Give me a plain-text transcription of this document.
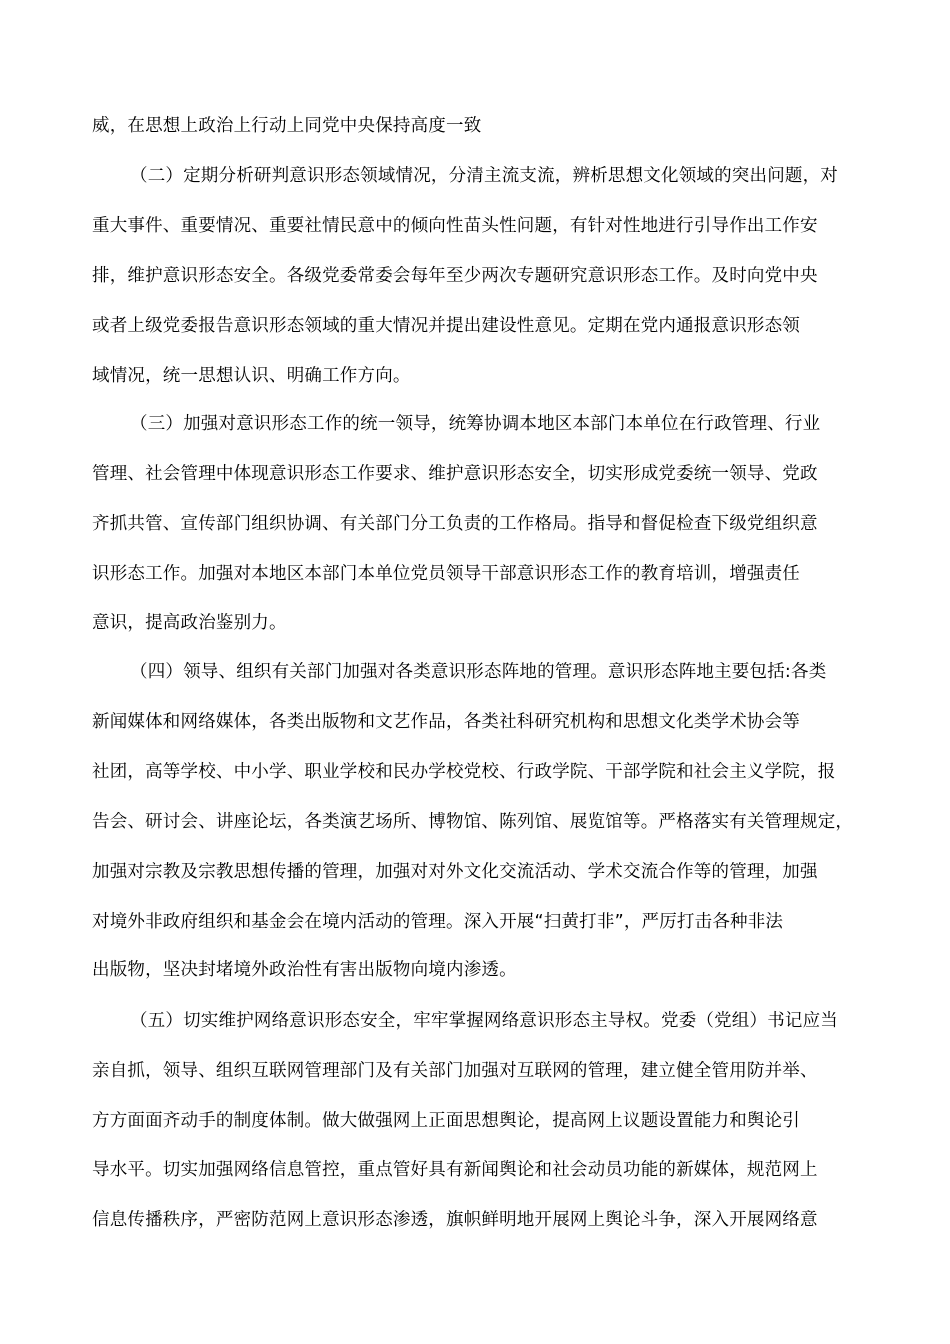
威，在思想上政治上行动上同党中央保持高度一致
（二）定期分析研判意识形态领域情况，分清主流支流，辨析思想文化领域的突出问题，对
重大事件、重要情况、重要社情民意中的倾向性苗头性问题，有针对性地进行引导作出工作安
排，维护意识形态安全。各级党委常委会每年至少两次专题研究意识形态工作。及时向党中央
或者上级党委报告意识形态领域的重大情况并提出建设性意见。定期在党内通报意识形态领
域情况，统一思想认识、明确工作方向。
（三）加强对意识形态工作的统一领导，统筹协调本地区本部门本单位在行政管理、行业
管理、社会管理中体现意识形态工作要求、维护意识形态安全，切实形成党委统一领导、党政
齐抓共管、宣传部门组织协调、有关部门分工负责的工作格局。指导和督促检查下级党组织意
识形态工作。加强对本地区本部门本单位党员领导干部意识形态工作的教育培训，增强责任
意识，提高政治鉴别力。
（四）领导、组织有关部门加强对各类意识形态阵地的管理。意识形态阵地主要包括:各类
新闻媒体和网络媒体，各类出版物和文艺作品，各类社科研究机构和思想文化类学术协会等
社团，高等学校、中小学、职业学校和民办学校党校、行政学院、干部学院和社会主义学院，报
告会、研讨会、讲座论坛，各类演艺场所、博物馆、陈列馆、展览馆等。严格落实有关管理规定，
加强对宗教及宗教思想传播的管理，加强对对外文化交流活动、学术交流合作等的管理，加强
对境外非政府组织和基金会在境内活动的管理。深入开展“扫黄打非”，严厉打击各种非法
出版物，坚决封堵境外政治性有害出版物向境内渗透。
（五）切实维护网络意识形态安全，牢牢掌握网络意识形态主导权。党委（党组）书记应当
亲自抓，领导、组织互联网管理部门及有关部门加强对互联网的管理，建立健全管用防并举、
方方面面齐动手的制度体制。做大做强网上正面思想舆论，提高网上议题设置能力和舆论引
导水平。切实加强网络信息管控，重点管好具有新闻舆论和社会动员功能的新媒体，规范网上
信息传播秩序，严密防范网上意识形态渗透，旗帜鲜明地开展网上舆论斗争，深入开展网络意
